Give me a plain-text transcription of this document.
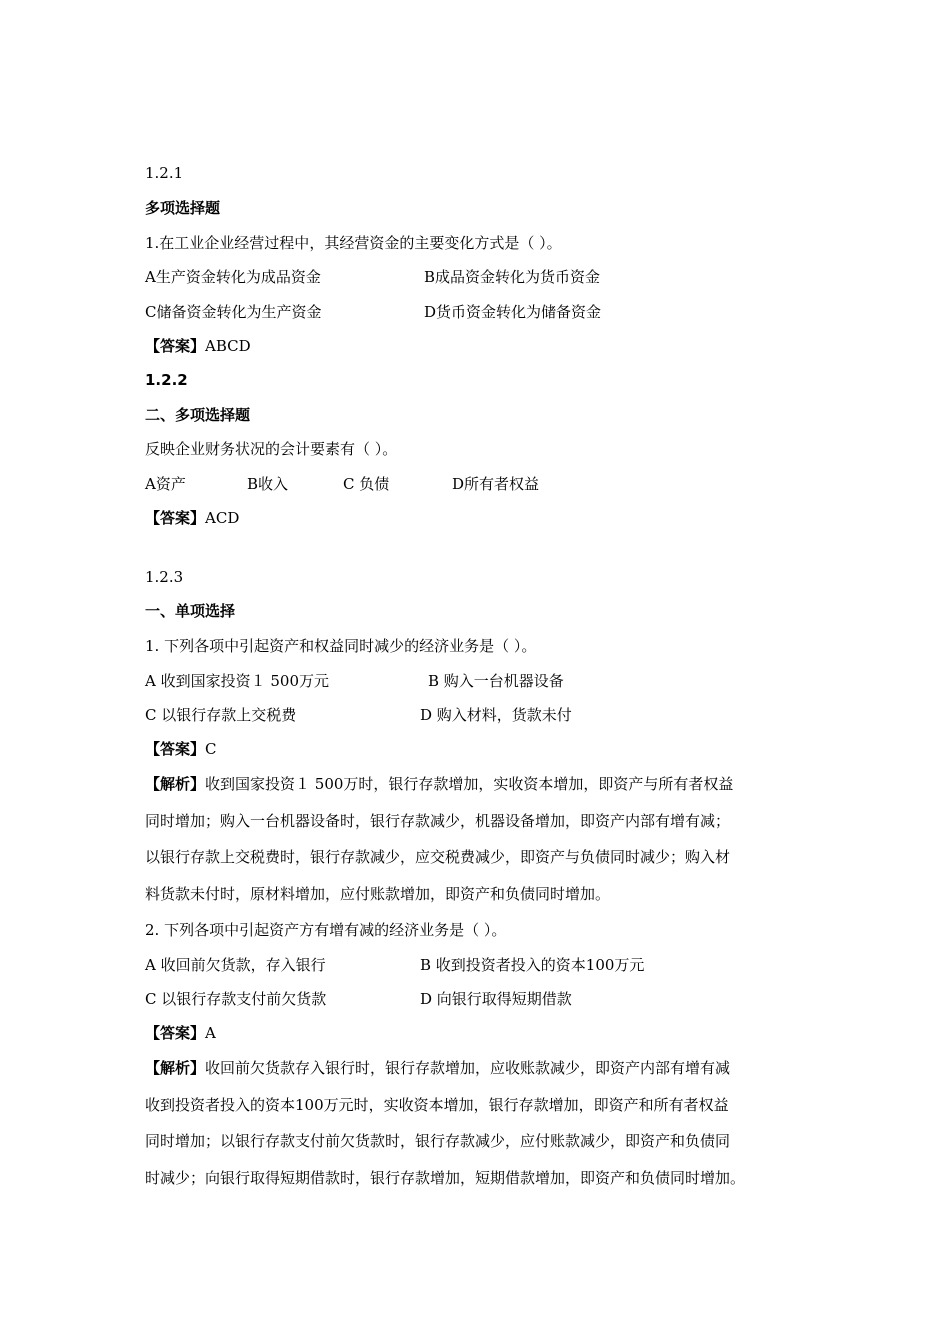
1.2.1
多项选择题
1.在工业企业经营过程中，其经营资金的主要变化方式是（ ）。
A生产资金转化为成品资金	B成品资金转化为货币资金
C储备资金转化为生产资金	D货币资金转化为储备资金
【答案】ABCD
1.2.2
二、多项选择题
反映企业财务状况的会计要素有（ ）。
A资产	B收入	C 负债	D所有者权益
【答案】ACD
1.2.3
一、单项选择
1. 下列各项中引起资产和权益同时减少的经济业务是（ ）。
A 收到国家投资１ 500万元	B 购入一台机器设备
C 以银行存款上交税费	D 购入材料，货款未付
【答案】C
【解析】收到国家投资１ 500万时，银行存款增加，实收资本增加，即资产与所有者权益
同时增加；购入一台机器设备时，银行存款减少，机器设备增加，即资产内部有增有减；
以银行存款上交税费时，银行存款减少，应交税费减少，即资产与负债同时减少；购入材
料货款未付时，原材料增加，应付账款增加，即资产和负债同时增加。
2. 下列各项中引起资产方有增有减的经济业务是（ ）。
A 收回前欠货款，存入银行	B 收到投资者投入的资本100万元
C 以银行存款支付前欠货款	D 向银行取得短期借款
【答案】A
【解析】收回前欠货款存入银行时，银行存款增加，应收账款减少，即资产内部有增有减
收到投资者投入的资本100万元时，实收资本增加，银行存款增加，即资产和所有者权益
同时增加；以银行存款支付前欠货款时，银行存款减少，应付账款减少，即资产和负债同
时减少；向银行取得短期借款时，银行存款增加，短期借款增加，即资产和负债同时增加。
